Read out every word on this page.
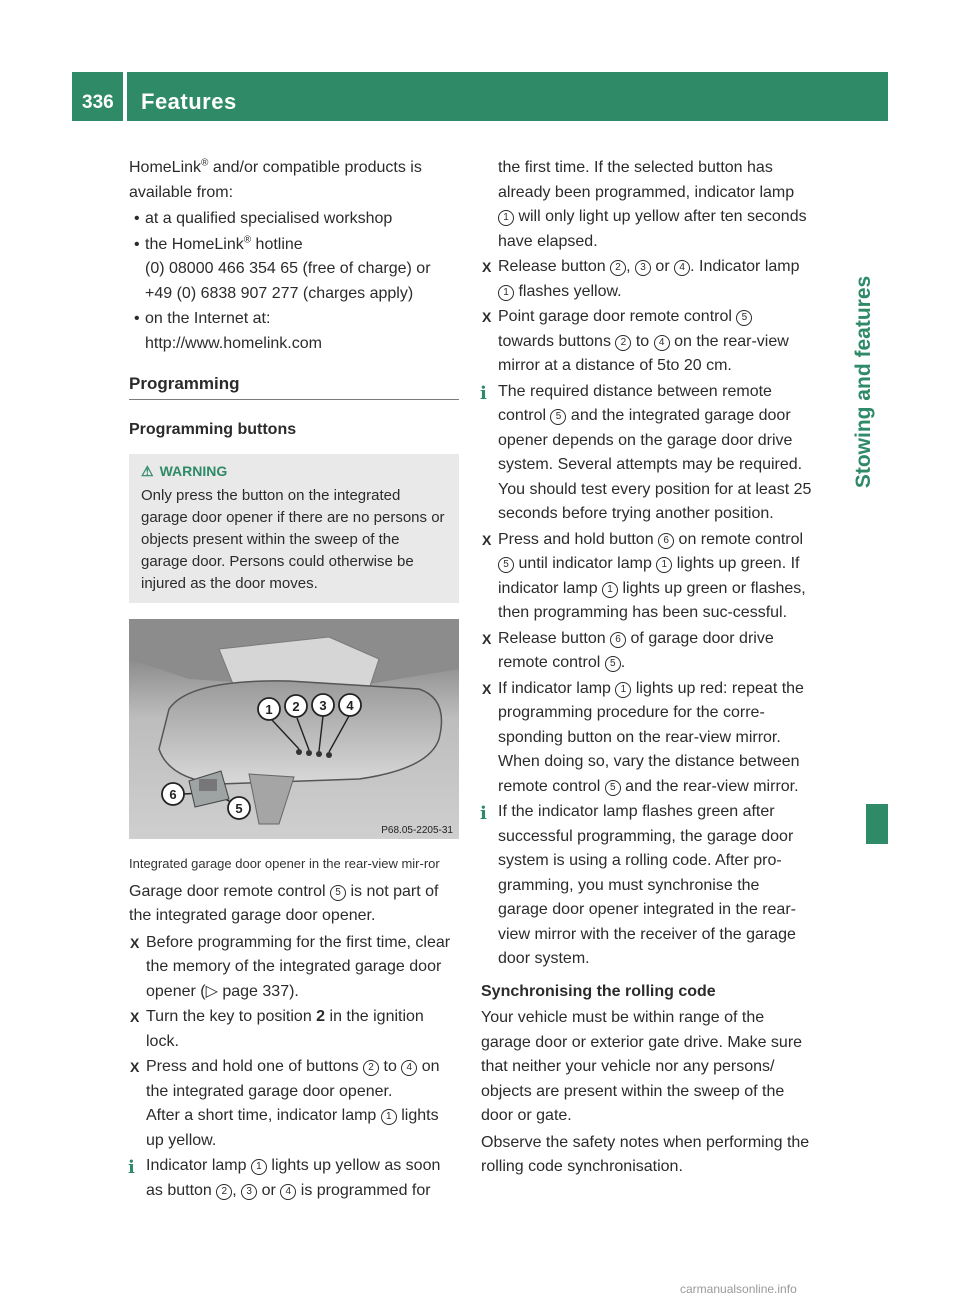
336 Features
Stowing and features

HomeLink® and/or compatible products is available from:

• at a qualified specialised workshop

• the HomeLink® hotline
(0) 08000 466 354 65 (free of charge) or +49 (0) 6838 907 277 (charges apply)

• on the Internet at:
http://www.homelink.com

Programming
Programming buttons
⚠ WARNING
Only press the button on the integrated garage door opener if there are no persons or objects present within the sweep of the garage door. Persons could otherwise be injured as the door moves.
1 2 3 4
5
6
P68.05-2205-31

Integrated garage door opener in the rear-view mir-ror

Garage door remote control 5 is not part of the integrated garage door opener.

X Before programming for the first time, clear the memory of the integrated garage door opener (▷ page 337).

X Turn the key to position 2 in the ignition lock.

X Press and hold one of buttons 2 to 4 on the integrated garage door opener.
After a short time, indicator lamp 1 lights up yellow.

i Indicator lamp 1 lights up yellow as soon as button 2 , 3 or 4 is programmed for

the first time. If the selected button has already been programmed, indicator lamp 1 will only light up yellow after ten seconds have elapsed.

X Release button 2 , 3 or 4 . Indicator lamp 1 flashes yellow.

X Point garage door remote control 5
towards buttons 2 to 4 on the rear-view mirror at a distance of 5to 20 cm.

i The required distance between remote control 5 and the integrated garage door opener depends on the garage door drive system. Several attempts may be required. You should test every position for at least 25 seconds before trying another position.

X Press and hold button 6 on remote control
5 until indicator lamp 1 lights up green. If indicator lamp 1 lights up green or flashes, then programming has been suc-cessful.

X Release button 6 of garage door drive remote control 5 .

X If indicator lamp 1 lights up red: repeat the programming procedure for the corre-sponding button on the rear-view mirror. When doing so, vary the distance between remote control 5 and the rear-view mirror.

i If the indicator lamp flashes green after successful programming, the garage door system is using a rolling code. After pro-gramming, you must synchronise the garage door opener integrated in the rear-view mirror with the receiver of the garage door system.

Synchronising the rolling code

Your vehicle must be within range of the garage door or exterior gate drive. Make sure that neither your vehicle nor any persons/ objects are present within the sweep of the door or gate.

Observe the safety notes when performing the rolling code synchronisation.

carmanualsonline.info
